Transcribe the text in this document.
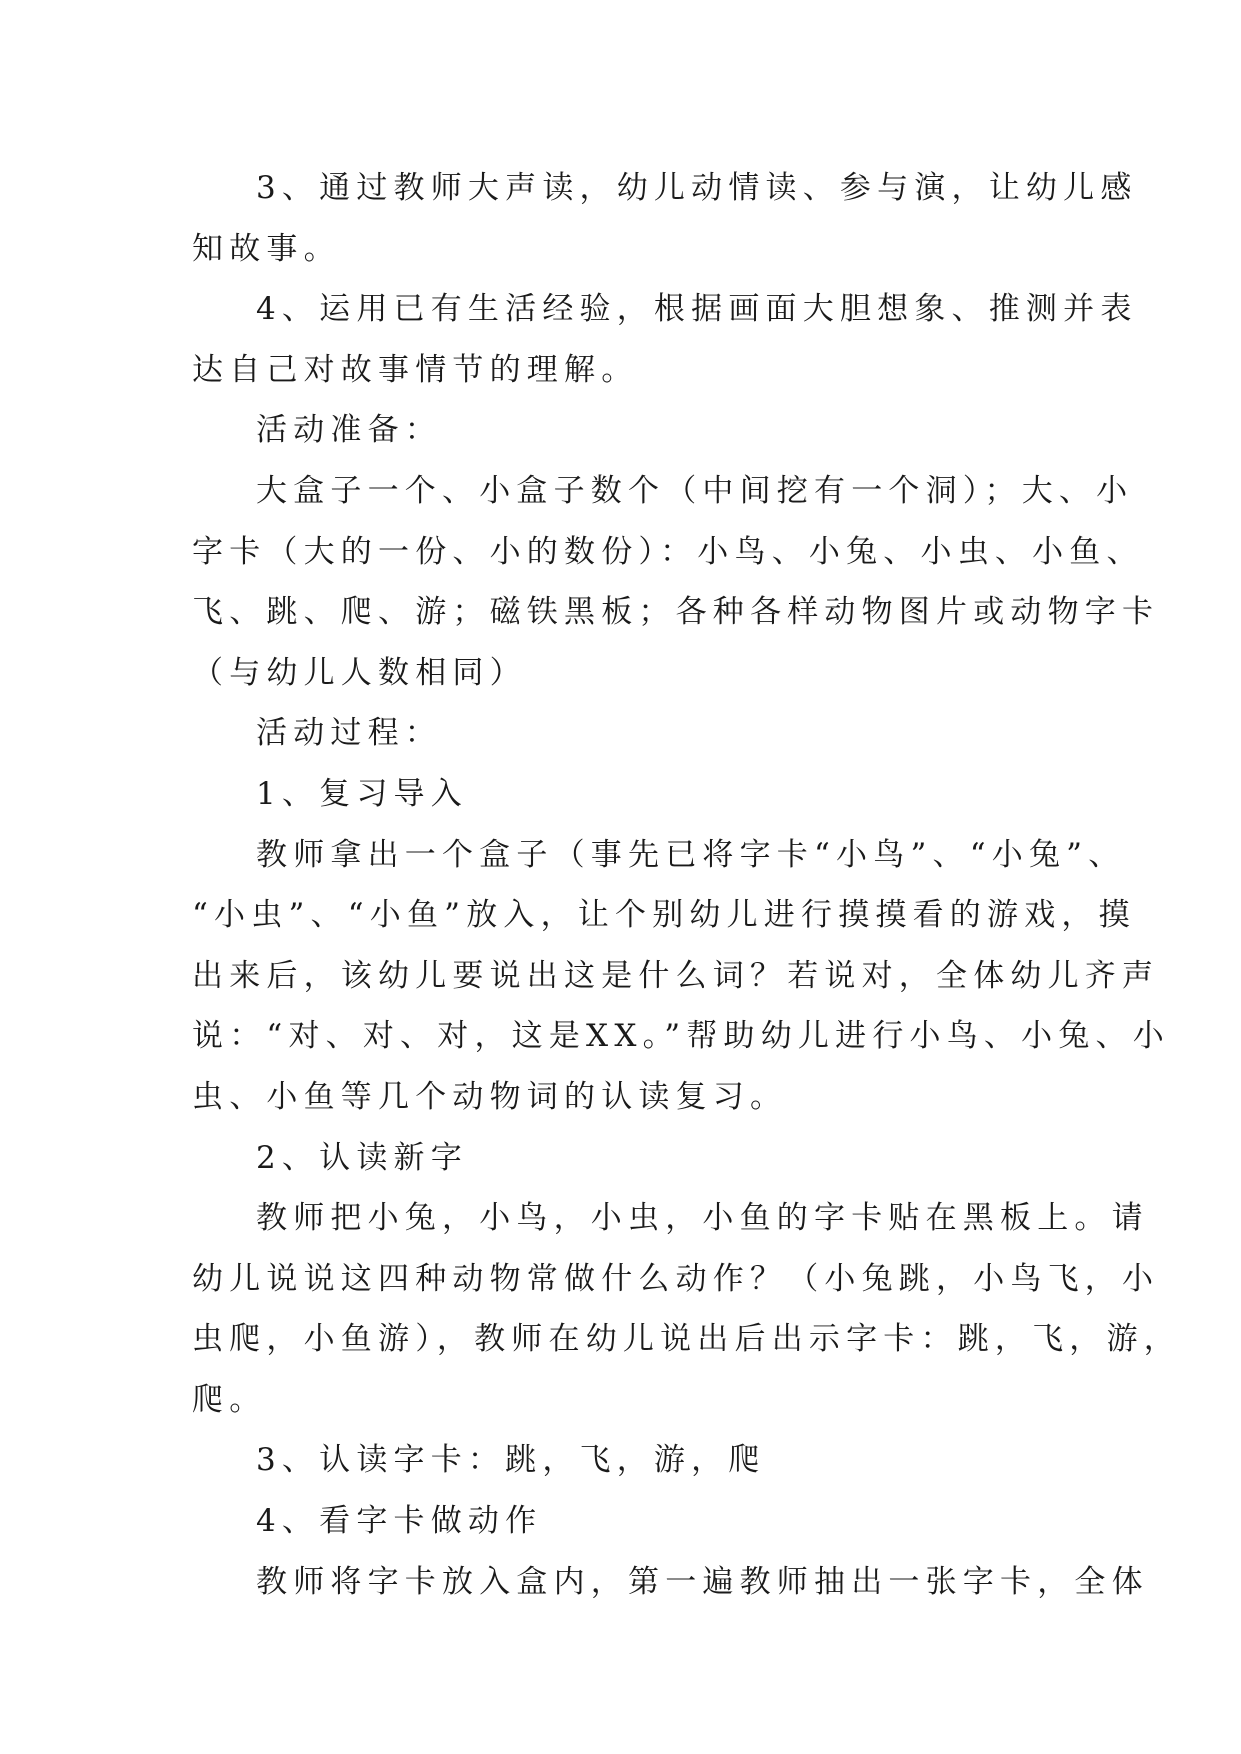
3、通过教师大声读，幼儿动情读、参与演，让幼儿感
知故事。
4、运用已有生活经验，根据画面大胆想象、推测并表
达自己对故事情节的理解。
活动准备：
大盒子一个、小盒子数个（中间挖有一个洞）；大、小
字卡（大的一份、小的数份）：小鸟、小兔、小虫、小鱼、
飞、跳、爬、游；磁铁黑板；各种各样动物图片或动物字卡
（与幼儿人数相同）
活动过程：
1、复习导入
教师拿出一个盒子（事先已将字卡“小鸟”、“小兔”、
“小虫”、“小鱼”放入，让个别幼儿进行摸摸看的游戏，摸
出来后，该幼儿要说出这是什么词？若说对，全体幼儿齐声
说：“对、对、对，这是XX。”帮助幼儿进行小鸟、小兔、小
虫、小鱼等几个动物词的认读复习。
2、认读新字
教师把小兔，小鸟，小虫，小鱼的字卡贴在黑板上。请
幼儿说说这四种动物常做什么动作？（小兔跳，小鸟飞，小
虫爬，小鱼游），教师在幼儿说出后出示字卡：跳，飞，游，
爬。
3、认读字卡：跳，飞，游，爬
4、看字卡做动作
教师将字卡放入盒内，第一遍教师抽出一张字卡，全体
